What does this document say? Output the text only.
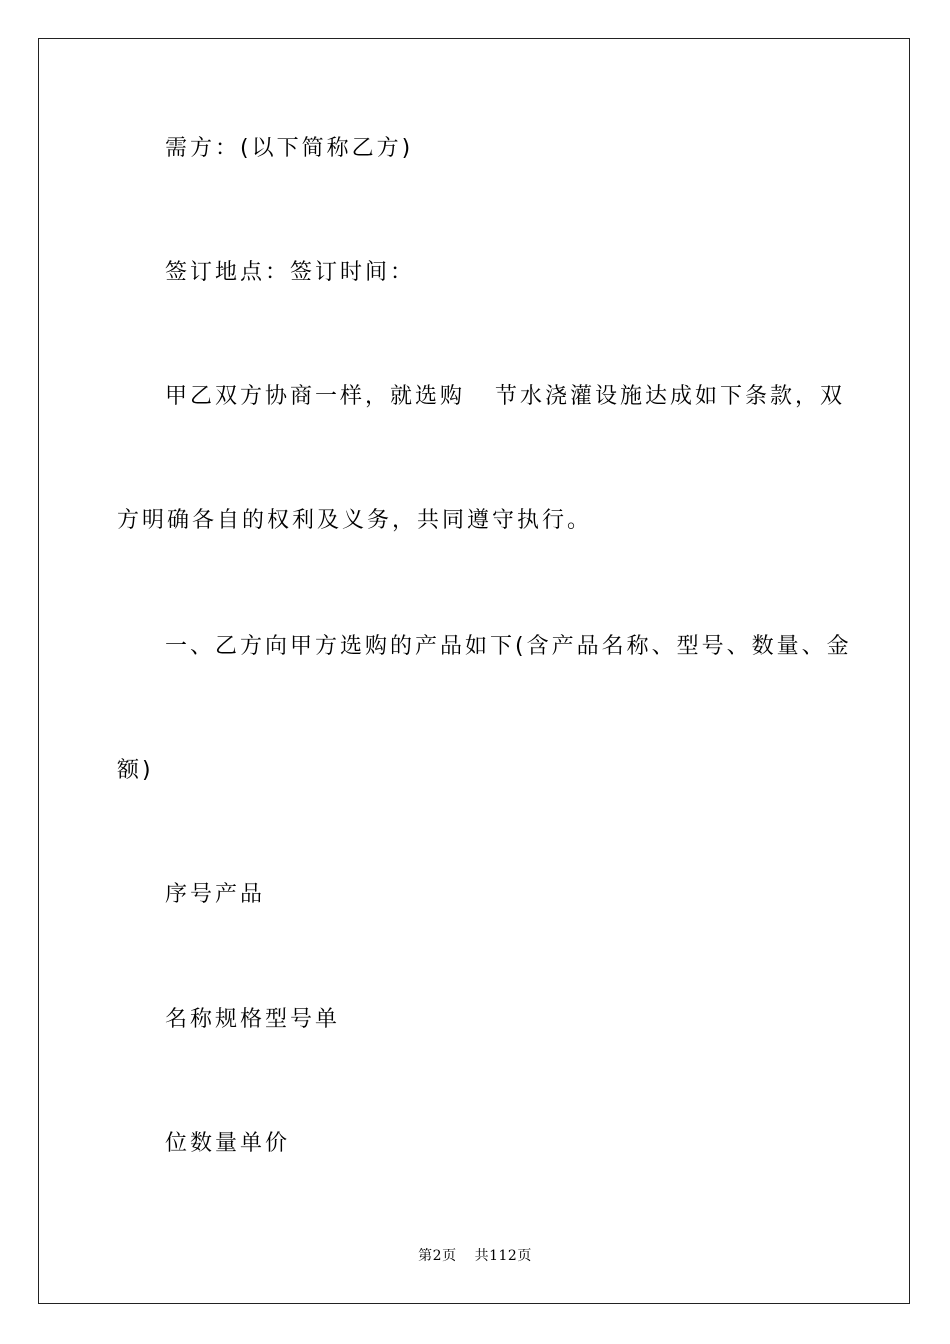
需方：(以下简称乙方)
签订地点：签订时间：
甲乙双方协商一样，就选购   节水浇灌设施达成如下条款，双
方明确各自的权利及义务，共同遵守执行。
一、乙方向甲方选购的产品如下(含产品名称、型号、数量、金
额)
序号产品
名称规格型号单
位数量单价
第2页 共112页
